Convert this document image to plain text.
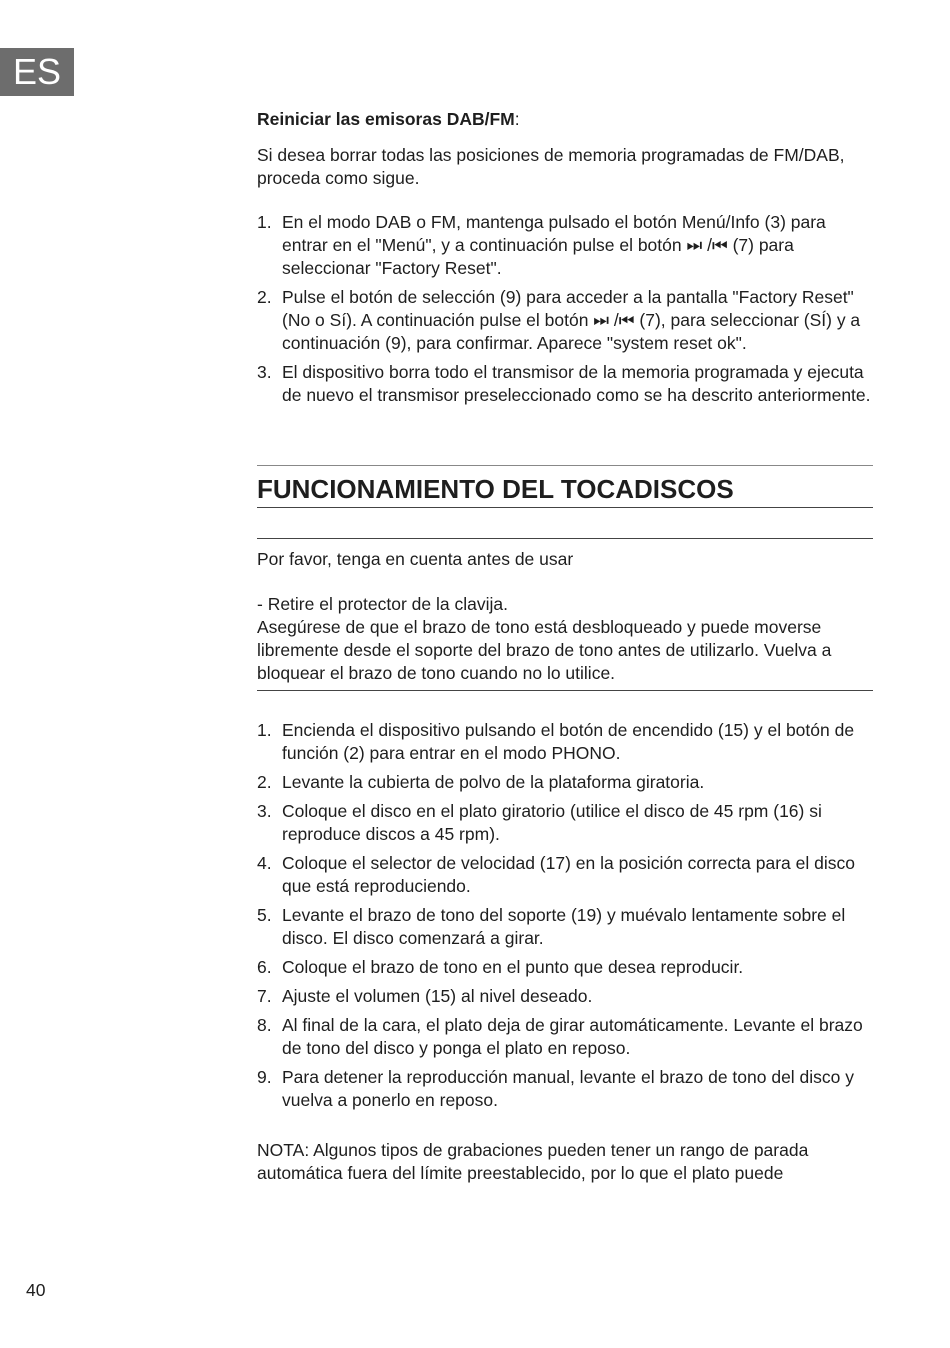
ES

Reiniciar las emisoras DAB/FM:

Si desea borrar todas las posiciones de memoria programadas de FM/DAB, proceda como sigue.

1. En el modo DAB o FM, mantenga pulsado el botón Menú/Info (3) para entrar en el "Menú", y a continuación pulse el botón ⏭ /⏮ (7) para seleccionar "Factory Reset".
2. Pulse el botón de selección (9) para acceder a la pantalla "Factory Reset" (No o Sí). A continuación pulse el botón ⏭ /⏮ (7), para seleccionar (SÍ) y a continuación (9), para confirmar. Aparece "system reset ok".
3. El dispositivo borra todo el transmisor de la memoria programada y ejecuta de nuevo el transmisor preseleccionado como se ha descrito anteriormente.
FUNCIONAMIENTO DEL TOCADISCOS

Por favor, tenga en cuenta antes de usar

- Retire el protector de la clavija.

Asegúrese de que el brazo de tono está desbloqueado y puede moverse libremente desde el soporte del brazo de tono antes de utilizarlo. Vuelva a bloquear el brazo de tono cuando no lo utilice.

1. Encienda el dispositivo pulsando el botón de encendido (15) y el botón de función (2) para entrar en el modo PHONO.
2. Levante la cubierta de polvo de la plataforma giratoria.
3. Coloque el disco en el plato giratorio (utilice el disco de 45 rpm (16) si reproduce discos a 45 rpm).
4. Coloque el selector de velocidad (17) en la posición correcta para el disco que está reproduciendo.
5. Levante el brazo de tono del soporte (19) y muévalo lentamente sobre el disco. El disco comenzará a girar.
6. Coloque el brazo de tono en el punto que desea reproducir.
7. Ajuste el volumen (15) al nivel deseado.
8. Al final de la cara, el plato deja de girar automáticamente. Levante el brazo de tono del disco y ponga el plato en reposo.
9. Para detener la reproducción manual, levante el brazo de tono del disco y vuelva a ponerlo en reposo.

NOTA: Algunos tipos de grabaciones pueden tener un rango de parada automática fuera del límite preestablecido, por lo que el plato puede

40
